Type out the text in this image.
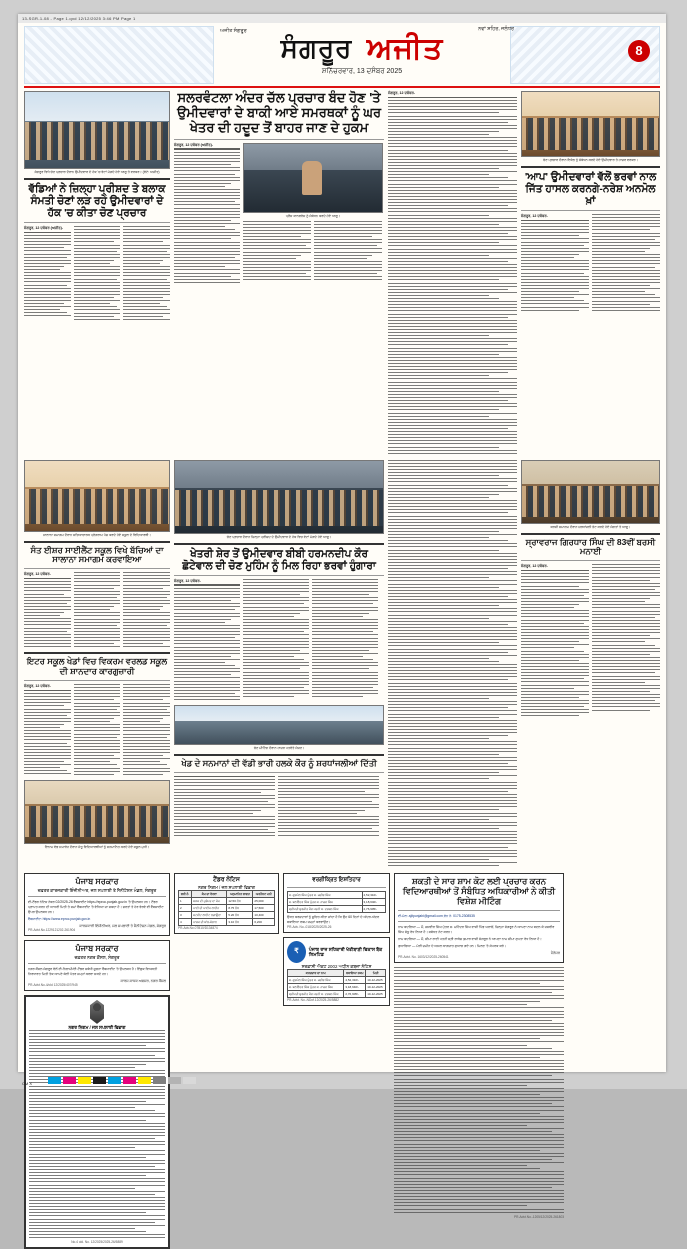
13-SGR-1-08 - Page 1.qxd 12/12/2025 3:46 PM Page 1
ਅਜੀਤ ਸੰਗਰੂਰ	ਨਵਾਂ ਸ਼ਹਿਰ, ਜਲੰਧਰ
ਸੰਗਰੂਰ ਅਜੀਤ
ਸ਼ਨਿੱਚਰਵਾਰ, 13 ਦਸੰਬਰ 2025
8
ਸੰਗਰੂਰ ਵਿਖੇ ਚੋਣ ਪ੍ਰਚਾਰ ਦੌਰਾਨ ਉਮੀਦਵਾਰ ਦੇ ਹੱਕ 'ਚ ਵੋਟਾਂ ਮੰਗਦੇ ਹੋਏ ਆਗੂ ਤੇ ਵਰਕਰ। (ਫੋਟੋ: ਅਜੀਤ)
ਵੱਡਿਆਂ ਨੇ ਜ਼ਿਲ੍ਹਾ ਪ੍ਰੀਸ਼ਦ ਤੇ ਬਲਾਕ ਸੰਮਤੀ ਚੋਣਾਂ ਲੜ ਰਹੇ ਉਮੀਦਵਾਰਾਂ ਦੇ ਹੱਕ 'ਚ ਕੀਤਾ ਚੋਣ ਪ੍ਰਚਾਰ
ਸੰਗਰੂਰ, 12 ਦਸੰਬਰ (ਅਜੀਤ)-
ਸਲਰਵੰਟਲਾ ਅੰਦਰ ਚੱਲ ਪ੍ਰਚਾਰ ਬੰਦ ਹੋਣ 'ਤੇ ਉਮੀਦਵਾਰਾਂ ਦੇ ਬਾਕੀ ਆਏ ਸਮਰਥਕਾਂ ਨੂੰ ਘਰ ਖੇਤਰ ਦੀ ਹਦੂਦ ਤੋਂ ਬਾਹਰ ਜਾਣ ਦੇ ਹੁਕਮ
ਸੰਗਰੂਰ, 12 ਦਸੰਬਰ (ਅਜੀਤ)-
ਪ੍ਰੈਸ ਕਾਨਫਰੰਸ ਨੂੰ ਸੰਬੋਧਨ ਕਰਦੇ ਹੋਏ ਆਗੂ।
ਸੰਗਰੂਰ, 12 ਦਸੰਬਰ-
ਚੋਣ ਪ੍ਰਚਾਰ ਦੌਰਾਨ ਇਕੱਠ ਨੂੰ ਸੰਬੋਧਨ ਕਰਦੇ ਹੋਏ ਉਮੀਦਵਾਰ ਤੇ ਹਾਜ਼ਰ ਵਰਕਰ।
'ਆਪ' ਉਮੀਦਵਾਰਾਂ ਵੱਲੋਂ ਭਰਵਾਂ ਨਾਲ ਜਿੱਤ ਹਾਸਲ ਕਰਨਗੇ-ਨਰੇਸ਼ ਅਨਮੋਲ ਖ਼ਾਂ
ਸੰਗਰੂਰ, 12 ਦਸੰਬਰ-
ਸਾਲਾਨਾ ਸਮਾਗਮ ਦੌਰਾਨ ਸਭਿਆਚਾਰਕ ਪ੍ਰੋਗਰਾਮ ਪੇਸ਼ ਕਰਦੇ ਹੋਏ ਸਕੂਲ ਦੇ ਵਿਦਿਆਰਥੀ।
ਸੰਤ ਈਸ਼ਰ ਸਾਈਲੈਂਟ ਸਕੂਲ ਵਿਖੇ ਬੱਚਿਆਂ ਦਾ ਸਾਲਾਨਾ ਸਮਾਗਮ ਕਰਵਾਇਆ
ਸੰਗਰੂਰ, 12 ਦਸੰਬਰ-
ਇਟਰ ਸਕੂਲ ਖੇਡਾਂ ਵਿਚ ਵਿਕਰਮ ਵਰਲਡ ਸਕੂਲ ਦੀ ਸ਼ਾਨਦਾਰ ਕਾਰਗੁਜ਼ਾਰੀ
ਸੰਗਰੂਰ, 12 ਦਸੰਬਰ-
ਇਨਾਮ ਵੰਡ ਸਮਾਰੋਹ ਦੌਰਾਨ ਜੇਤੂ ਵਿਦਿਆਰਥੀਆਂ ਨੂੰ ਸਨਮਾਨਿਤ ਕਰਦੇ ਹੋਏ ਸਕੂਲ ਮੁਖੀ।
ਚੋਣ ਪ੍ਰਚਾਰ ਦੌਰਾਨ ਜ਼ਿਲ੍ਹਾ ਪ੍ਰੀਸ਼ਦ ਦੇ ਉਮੀਦਵਾਰ ਦੇ ਹੱਕ ਵਿਚ ਵੋਟਾਂ ਮੰਗਦੇ ਹੋਏ ਆਗੂ।
ਖੇਤਰੀ ਸ਼ੇਰ ਤੋਂ ਉਮੀਦਵਾਰ ਬੀਬੀ ਹਰਮਨਦੀਪ ਕੌਰ ਛੋਟੇਵਾਲ ਦੀ ਚੋਣ ਮੁਹਿੰਮ ਨੂੰ ਮਿਲ ਰਿਹਾ ਭਰਵਾਂ ਹੁੰਗਾਰਾ
ਸੰਗਰੂਰ, 12 ਦਸੰਬਰ-
ਚੋਣ ਮੀਟਿੰਗ ਦੌਰਾਨ ਹਾਜ਼ਰ ਪਤਵੰਤੇ ਸੱਜਣ।
ਖੇਡ ਦੇ ਸਨਮਾਨਾਂ ਦੀ ਵੱਡੀ ਭਾਰੀ ਹਲਕੇ ਕੌਰ ਨੂੰ ਸ਼ਰਧਾਂਜਲੀਆਂ ਦਿੱਤੀ
ਬਰਸੀ ਸਮਾਗਮ ਦੌਰਾਨ ਸ਼ਰਧਾਂਜਲੀ ਭੇਟ ਕਰਦੇ ਹੋਏ ਸੰਗਤਾਂ ਤੇ ਆਗੂ।
ਸ੍ਰਾਵਰਾਜ ਗਿਰਧਾਰ ਸਿੰਘ ਦੀ 83ਵੀਂ ਬਰਸੀ ਮਨਾਈ
ਸੰਗਰੂਰ, 12 ਦਸੰਬਰ-
ਪੰਜਾਬ ਸਰਕਾਰ
ਦਫ਼ਤਰ ਕਾਰਜਕਾਰੀ ਇੰਜੀਨੀਅਰ, ਜਲ ਸਪਲਾਈ ਤੇ ਸੈਨੀਟੇਸ਼ਨ ਮੰਡਲ, ਸੰਗਰੂਰ
ਈ-ਟੈਂਡਰ ਨੋਟਿਸ ਨੰਬਰ 02/2025-26 ਵੈੱਬਸਾਈਟ https://eproc.punjab.gov.in 'ਤੇ ਉਪਲਬਧ ਹਨ। ਟੈਂਡਰ ਪ੍ਰਾਪਤ ਕਰਨ ਦੀ ਆਖਰੀ ਮਿਤੀ ਤੇ ਸਮਾਂ ਵੈੱਬਸਾਈਟ 'ਤੇ ਵੇਖਿਆ ਜਾ ਸਕਦਾ ਹੈ। ਸ਼ਰਤਾਂ ਤੇ ਹੋਰ ਵੇਰਵੇ ਵੀ ਵੈੱਬਸਾਈਟ ਉਪਰ ਉਪਲਬਧ ਹਨ।
ਵੈੱਬਸਾਈਟ: https://www.eproc.punjab.gov.in
ਕਾਰਜਕਾਰੀ ਇੰਜੀਨੀਅਰ, ਜਲ ਸਪਲਾਈ ਤੇ ਸੈਨੀਟੇਸ਼ਨ ਮੰਡਲ, ਸੰਗਰੂਰ
PR-Advt.No.1229121202-261904
ਪੰਜਾਬ ਸਰਕਾਰ
ਦਫ਼ਤਰ ਨਗਰ ਕੌਂਸਲ, ਸੰਗਰੂਰ
ਨਗਰ ਕੌਂਸਲ ਸੰਗਰੂਰ ਵੱਲੋਂ ਈ-ਨਿਲਾਮੀ/ਈ-ਟੈਂਡਰ ਸਬੰਧੀ ਸੂਚਨਾ ਵੈੱਬਸਾਈਟ 'ਤੇ ਉਪਲਬਧ ਹੈ। ਇੱਛੁਕ ਵਿਅਕਤੀ ਨਿਰਧਾਰਤ ਮਿਤੀ ਤੱਕ ਆਪਣੇ ਬੋਲੀ ਪੱਤਰ ਜਮ੍ਹਾਂ ਕਰਵਾ ਸਕਦੇ ਹਨ।
ਕਾਰਜ ਸਾਧਕ ਅਫਸਰ, ਨਗਰ ਕੌਂਸਲ
PR-Advt.No-4/old 12/2025/407/945
ਨਗਰ ਨਿਗਮ / ਜਲ ਸਪਲਾਈ ਵਿਭਾਗ
No.4 old. No. 12/2025/2025-26/5889
ਟੈਂਡਰ ਨੋਟਿਸ
ਨਗਰ ਨਿਗਮ / ਜਲ ਸਪਲਾਈ ਵਿਭਾਗ
ਲੜੀ ਨੰ.	ਕੰਮ ਦਾ ਵੇਰਵਾ	ਅਨੁਮਾਨਿਤ ਲਾਗਤ	ਅਰਨੈਸਟ ਮਨੀ
1	ਸੜਕ ਦੀ ਮੁਰੰਮਤ ਦਾ ਕੰਮ	12.50 ਲੱਖ	25,000
2	ਪਾਣੀ ਦੀ ਪਾਈਪ ਲਾਈਨ	8.75 ਲੱਖ	17,500
3	ਸਟਰੀਟ ਲਾਈਟ ਲਗਾਉਣਾ	5.20 ਲੱਖ	10,400
4	ਪਾਰਕ ਦੀ ਸਾਂਭ-ਸੰਭਾਲ	3.10 ਲੱਖ	6,200
PR-Adv.No.07B10/D134874
ਵਰਗੀਕ੍ਰਿਤ ਇਸ਼ਤਿਹਾਰ
ਸ. ਗੁਰਮੇਲ ਸਿੰਘ ਪੁੱਤਰ ਸ. ਜਗੀਰ ਸਿੰਘ	4,52,310/-
ਸ. ਬਲਵਿੰਦਰ ਸਿੰਘ ਪੁੱਤਰ ਸ. ਨਾਜ਼ਰ ਸਿੰਘ	3,18,640/-
ਸ੍ਰੀਮਤੀ ਸੁਰਜੀਤ ਕੌਰ ਪਤਨੀ ਸ. ਦਰਸ਼ਨ ਸਿੰਘ	2,76,905/-
ਉਕਤ ਕਰਜ਼ਦਾਰਾਂ ਨੂੰ ਸੂਚਿਤ ਕੀਤਾ ਜਾਂਦਾ ਹੈ ਕਿ ਉਹ 60 ਦਿਨਾਂ ਦੇ ਅੰਦਰ-ਅੰਦਰ ਬਕਾਇਆ ਰਕਮ ਜਮ੍ਹਾਂ ਕਰਵਾਉਣ।
PR-Adv. No.-018/2025/2025-26
₹	ਪੰਜਾਬ ਰਾਜ ਸਹਿਕਾਰੀ ਖੇਤੀਬਾੜੀ ਵਿਕਾਸ ਬੈਂਕ ਲਿਮਟਿਡ
ਸਰਫ਼ਾਸੀ ਐਕਟ 2002 ਅਧੀਨ ਕਬਜ਼ਾ ਨੋਟਿਸ
ਕਰਜ਼ਦਾਰ ਦਾ ਨਾਮ	ਬਕਾਇਆ ਰਕਮ	ਮਿਤੀ
ਸ. ਗੁਰਮੇਲ ਸਿੰਘ ਪੁੱਤਰ ਸ. ਜਗੀਰ ਸਿੰਘ	4,52,310/-	10-12-2025
ਸ. ਬਲਵਿੰਦਰ ਸਿੰਘ ਪੁੱਤਰ ਸ. ਨਾਜ਼ਰ ਸਿੰਘ	3,18,640/-	10-12-2025
ਸ੍ਰੀਮਤੀ ਸੁਰਜੀਤ ਕੌਰ ਪਤਨੀ ਸ. ਦਰਸ਼ਨ ਸਿੰਘ	2,76,905/-	10-12-2025
PR-Advt. No.-NDof.12/2025-26/5882
ਸ਼ਕਤੀ ਦੇ ਸਾਰ ਸ਼ਾਮ ਕੋਟ ਲਈ ਪ੍ਰਚਾਰ ਕਰਨ ਵਿਦਿਆਰਥੀਆਂ ਤੋਂ ਸੰਬੰਧਿਤ ਅਧਿਕਾਰੀਆਂ ਨੇ ਕੀਤੀ ਵਿਸ਼ੇਸ਼ ਮੀਟਿੰਗ
ਈ-ਮੇਲ: ajitpunjabi@gmail.com ਫ਼ੋਨ ਨੰ. 0175-2308535
ਨਾਮ ਬਦਲਿਆ — ਮੈਂ, ਜਸਵੀਰ ਸਿੰਘ ਪੁੱਤਰ ਸ. ਮਹਿੰਦਰ ਸਿੰਘ ਵਾਸੀ ਪਿੰਡ ਘਰਾਚੋਂ, ਜ਼ਿਲ੍ਹਾ ਸੰਗਰੂਰ ਨੇ ਆਪਣਾ ਨਾਮ ਬਦਲ ਕੇ ਜਸਵੀਰ ਸਿੰਘ ਸੰਧੂ ਰੱਖ ਲਿਆ ਹੈ। ਸਬੰਧਤ ਨੋਟ ਕਰਨ।
ਨਾਮ ਬਦਲਿਆ — ਮੈਂ, ਸੀਮਾ ਰਾਣੀ ਪਤਨੀ ਸ੍ਰੀ ਰਾਕੇਸ਼ ਕੁਮਾਰ ਵਾਸੀ ਸੰਗਰੂਰ ਨੇ ਆਪਣਾ ਨਾਮ ਸੀਮਾ ਗੁਪਤਾ ਰੱਖ ਲਿਆ ਹੈ।
ਗੁਆਚਿਆ — ਮੇਰੀ ਜ਼ਮੀਨ ਦੇ ਅਸਲ ਕਾਗਜ਼ਾਤ ਗੁਆਚ ਗਏ ਹਨ। ਮਿਲਣ 'ਤੇ ਸੰਪਰਕ ਕਰੋ।
ਮੈਨੇਜਰ
PR-Advt. No. 1603/12/2025-260541
PR-Advt.No.-1205/12/2025-261803
CM X
